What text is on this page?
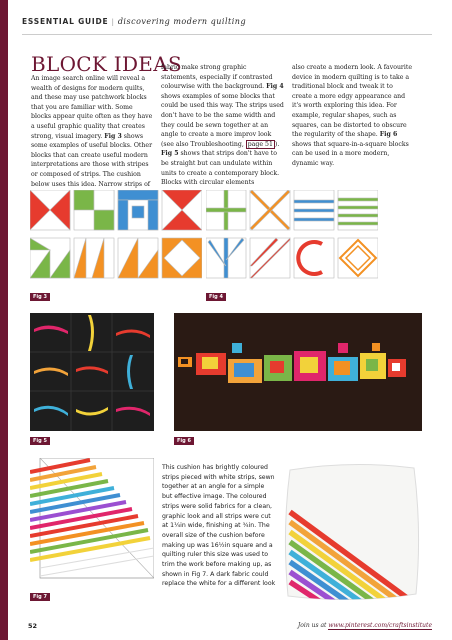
ESSENTIAL GUIDE | discovering modern quilting
BLOCK IDEAS
An image search online will reveal a wealth of designs for modern quilts, and these may use patchwork blocks that you are familiar with. Some blocks appear quite often as they have a useful graphic quality that creates strong, visual imagery. Fig 3 shows some examples of useful blocks. Other blocks that can create useful modern interpretations are those with stripes or composed of strips. The cushion below uses this idea. Narrow strips of
fabric make strong graphic statements, especially if contrasted colourwise with the background. Fig 4 shows examples of some blocks that could be used this way. The strips used don't have to be the same width and they could be sewn together at an angle to create a more improv look (see also Troubleshooting, page 51 ). Fig 5 shows that strips don't have to be straight but can undulate within units to create a contemporary block. Blocks with circular elements
also create a modern look. A favourite device in modern quilting is to take a traditional block and tweak it to create a more edgy appearance and it's worth exploring this idea. For example, regular shapes, such as squares, can be distorted to obscure the regularity of the shape. Fig 6 shows that square-in-a-square blocks can be used in a more modern, dynamic way.
Fig 3	Fig 4
Fig 5	Fig 6
Fig 7
This cushion has brightly coloured strips pieced with white strips, sewn together at an angle for a simple but effective image. The coloured strips were solid fabrics for a clean, graphic look and all strips were cut at 1¼in wide, finishing at ¾in. The overall size of the cushion before making up was 16½in square and a quilting ruler this size was used to trim the work before making up, as shown in Fig 7. A dark fabric could replace the white for a different look
52	Join us at www.pinterest.com/craftsinstitute
